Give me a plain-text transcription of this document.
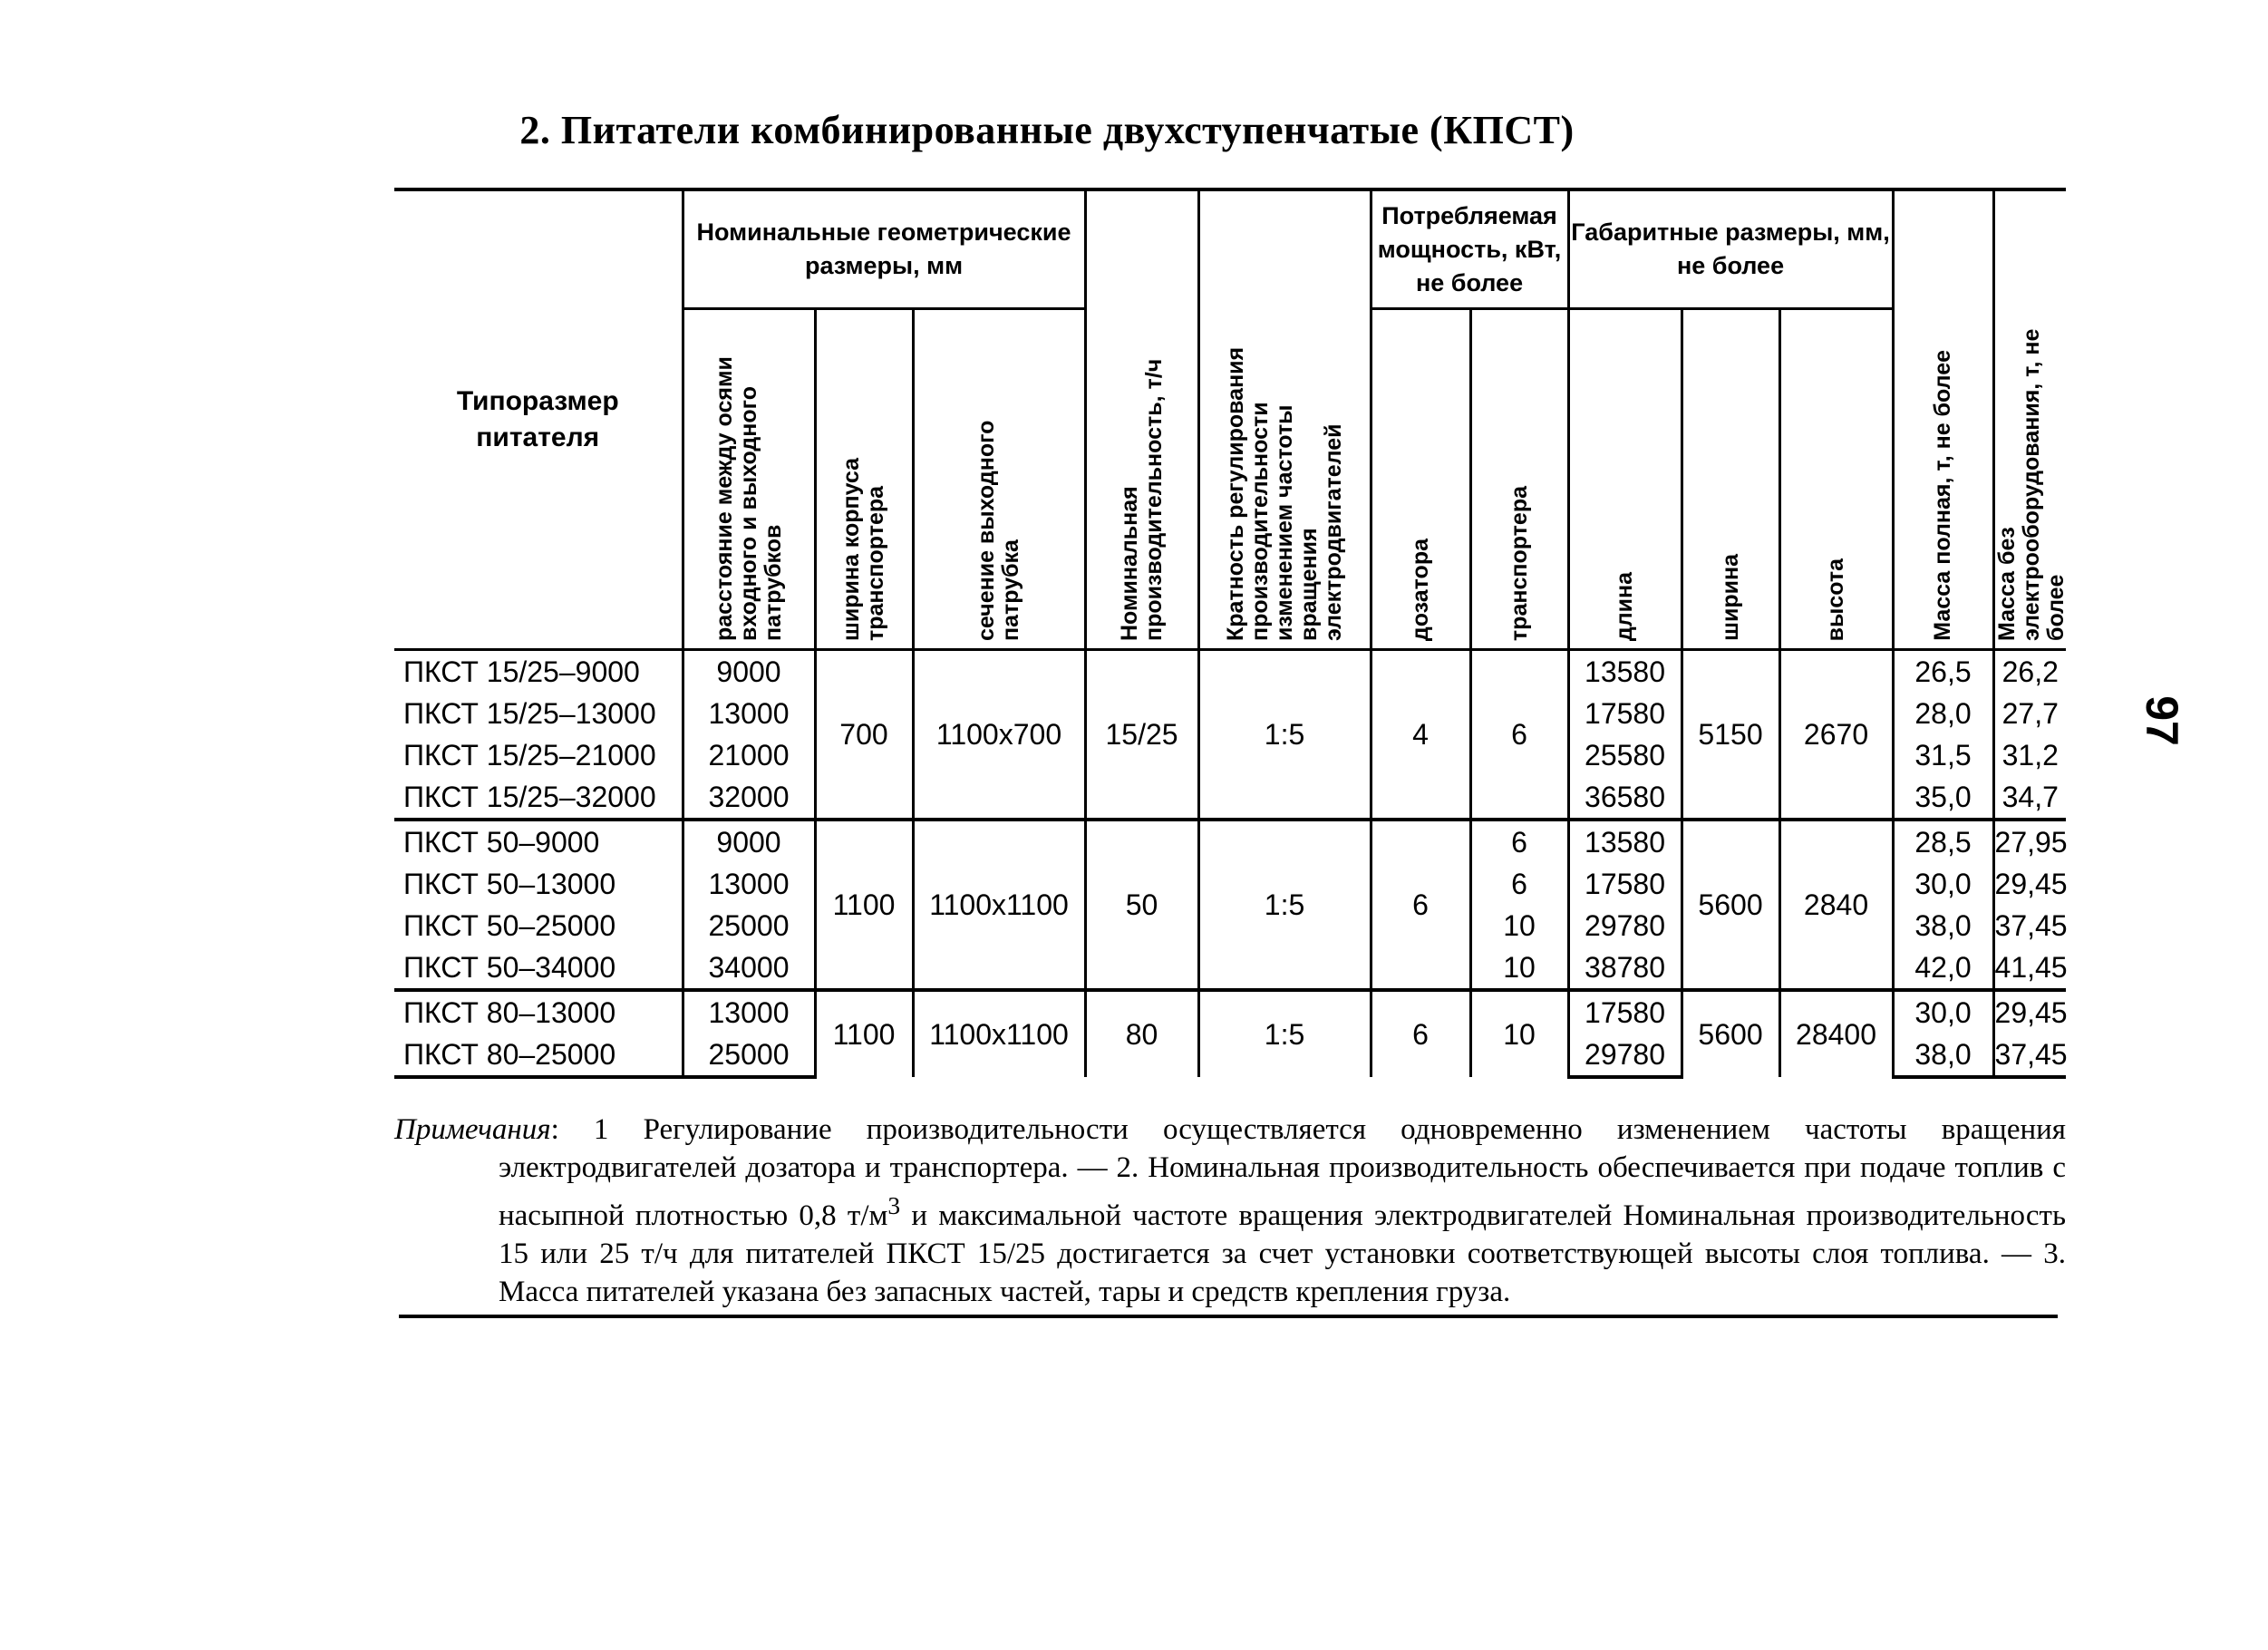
2. Питатели комбинированные двухступенчатые (КПСТ)
Типоразмер питателя	Номинальные геометрические размеры, мм			Номинальная производительность, т/ч	Кратность регулирования производительности изменением частоты вращения электродвигателей	Потребляемая мощность, кВт, не более		Габаритные размеры, мм, не более			Масса полная, т, не более	Масса без электрооборудования, т, не более
	расстояние между осями входного и выходного патрубков	ширина корпуса транспортера	сечение выходного патрубка			дозатора	транспортера	длина	ширина	высота		
ПКСТ 15/25–9000	9000	700	1100x700	15/25	1:5	4	6	13580	5150	2670	26,5	26,2
ПКСТ 15/25–13000	13000							17580			28,0	27,7
ПКСТ 15/25–21000	21000							25580			31,5	31,2
ПКСТ 15/25–32000	32000							36580			35,0	34,7
ПКСТ 50–9000	9000	1100	1100x1100	50	1:5	6	6	13580	5600	2840	28,5	27,95
ПКСТ 50–13000	13000						6	17580			30,0	29,45
ПКСТ 50–25000	25000						10	29780			38,0	37,45
ПКСТ 50–34000	34000						10	38780			42,0	41,45
ПКСТ 80–13000	13000	1100	1100x1100	80	1:5	6	10	17580	5600	28400	30,0	29,45
ПКСТ 80–25000	25000							29780			38,0	37,45
Примечания: 1 Регулирование производительности осуществляется одновременно изменением частоты вращения электродвигателей дозатора и транспортера. — 2. Номинальная производительность обеспечивается при подаче топлив с насыпной плотностью 0,8 $т/м^3$ и максимальной частоте вращения электродвигателей Номинальная производительность 15 или 25 т/ч для питателей ПКСТ 15/25 достигается за счет установки соответствующей высоты слоя топлива. — 3. Масса питателей указана без запасных частей, тары и средств крепления груза.
97
